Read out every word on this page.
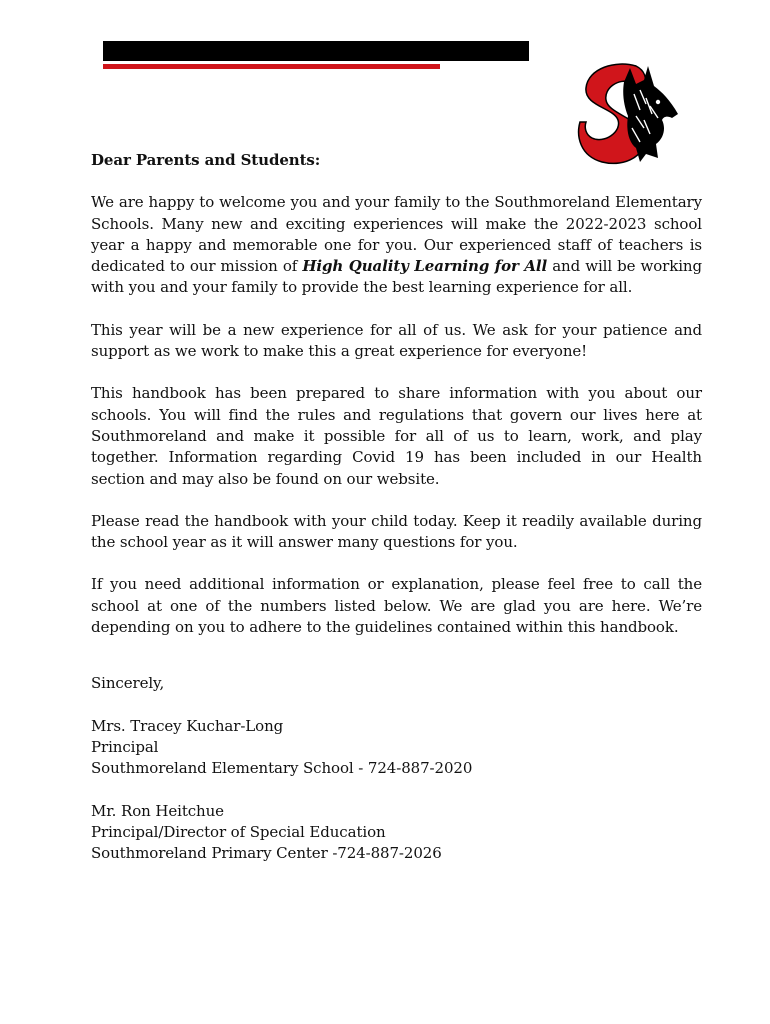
Dear Parents and Students:

We are happy to welcome you and your family to the Southmoreland Elementary Schools. Many new and exciting experiences will make the 2022-2023 school year a happy and memorable one for you. Our experienced staff of teachers is dedicated to our mission of High Quality Learning for All and will be working with you and your family to provide the best learning experience for all.

This year will be a new experience for all of us. We ask for your patience and support as we work to make this a great experience for everyone!

This handbook has been prepared to share information with you about our schools. You will find the rules and regulations that govern our lives here at Southmoreland and make it possible for all of us to learn, work, and play together. Information regarding Covid 19 has been included in our Health section and may also be found on our website.

Please read the handbook with your child today. Keep it readily available during the school year as it will answer many questions for you.

If you need additional information or explanation, please feel free to call the school at one of the numbers listed below. We are glad you are here. We’re depending on you to adhere to the guidelines contained within this handbook.

Sincerely,

Mrs. Tracey Kuchar-Long
Principal
Southmoreland Elementary School - 724-887-2020
Mr. Ron Heitchue
Principal/Director of Special Education
Southmoreland Primary Center -724-887-2026
